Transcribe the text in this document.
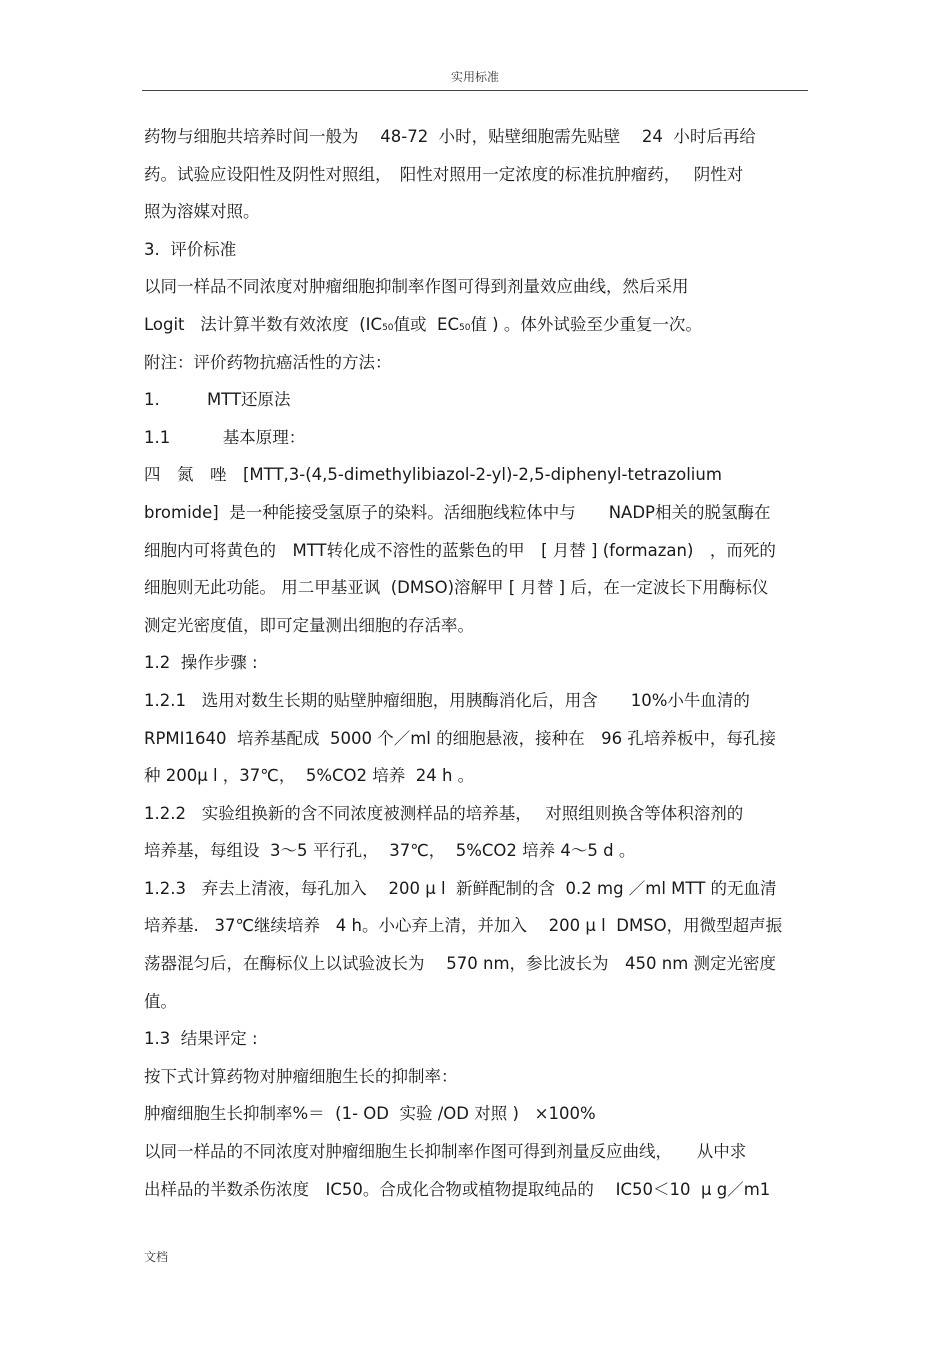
实用标准
药物与细胞共培养时间一般为　 48-72  小时，贴壁细胞需先贴壁　 24  小时后再给
药。试验应设阳性及阴性对照组，　阳性对照用一定浓度的标准抗肿瘤药，　 阴性对
照为溶媒对照。
3.  评价标准
以同一样品不同浓度对肿瘤细胞抑制率作图可得到剂量效应曲线，然后采用
Logit   法计算半数有效浓度  (IC50值或  EC50值 ) 。体外试验至少重复一次。
附注：评价药物抗癌活性的方法：
1.         MTT还原法
1.1          基本原理：
四　氮　唑　[MTT,3-(4,5-dimethylibiazol-2-yl)-2,5-diphenyl-tetrazolium
bromide]  是一种能接受氢原子的染料。活细胞线粒体中与　　NADP相关的脱氢酶在
细胞内可将黄色的　MTT转化成不溶性的蓝紫色的甲　[ 月替 ] (formazan)　，而死的
细胞则无此功能。 用二甲基亚讽  (DMSO)溶解甲 [ 月替 ] 后，在一定波长下用酶标仪
测定光密度值，即可定量测出细胞的存活率。
1.2  操作步骤 :
1.2.1   选用对数生长期的贴壁肿瘤细胞，用胰酶消化后，用含　　10%小牛血清的
RPMI1640  培养基配成  5000 个／ml 的细胞悬液，接种在　96 孔培养板中，每孔接
种 200μ l ，37℃，  5%CO2 培养  24 h 。
1.2.2   实验组换新的含不同浓度被测样品的培养基，　 对照组则换含等体积溶剂的
培养基，每组设  3～5 平行孔，  37℃，  5%CO2 培养 4～5 d 。
1.2.3   弃去上清液，每孔加入　 200 μ l  新鲜配制的含  0.2 mg ／ml MTT 的无血清
培养基.   37℃继续培养   4 h。小心弃上清，并加入　 200 μ l  DMSO，用微型超声振
荡器混匀后，在酶标仪上以试验波长为　 570 nm，参比波长为　450 nm 测定光密度
值。
1.3  结果评定 :
按下式计算药物对肿瘤细胞生长的抑制率：
肿瘤细胞生长抑制率%＝  (1- OD  实验 /OD 对照 )   ×100%
以同一样品的不同浓度对肿瘤细胞生长抑制率作图可得到剂量反应曲线，　　从中求
出样品的半数杀伤浓度　IC50。合成化合物或植物提取纯品的　 IC50＜10  μ g／m1
文档
